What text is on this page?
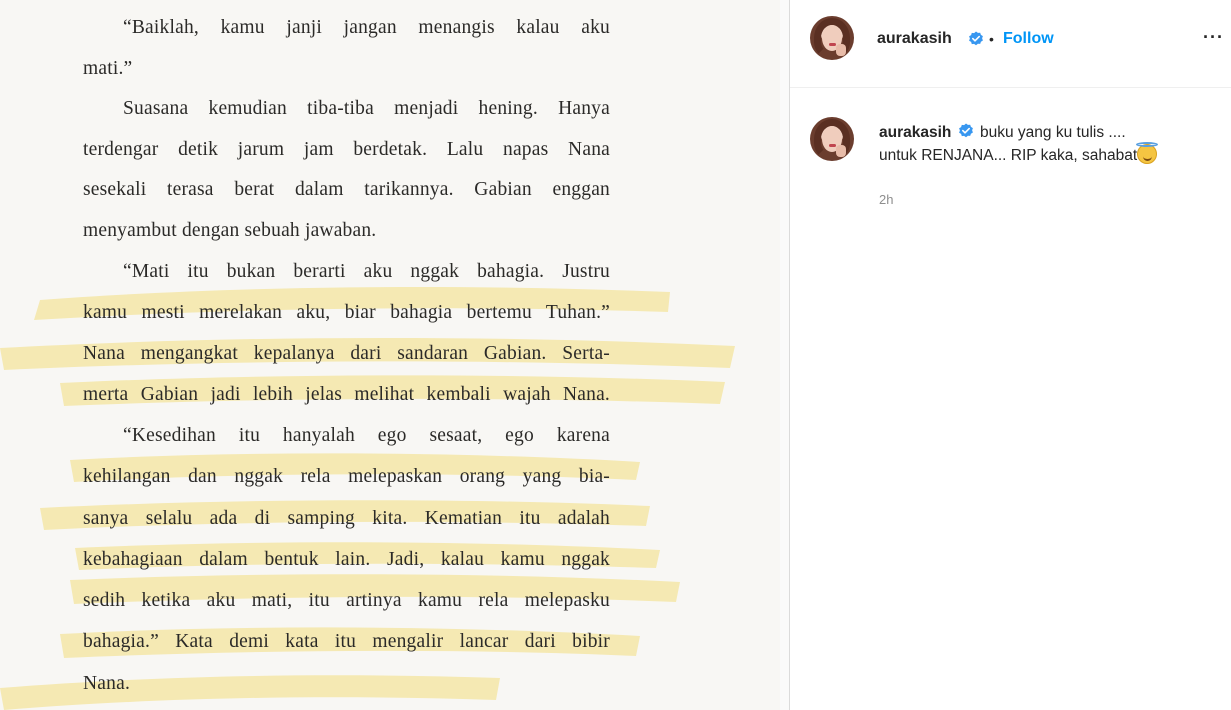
“Baiklah, kamu janji jangan menangis kalau aku
mati.”
Suasana kemudian tiba-tiba menjadi hening. Hanya
terdengar detik jarum jam berdetak. Lalu napas Nana
sesekali terasa berat dalam tarikannya. Gabian enggan
menyambut dengan sebuah jawaban.
“Mati itu bukan berarti aku nggak bahagia. Justru
kamu mesti merelakan aku, biar bahagia bertemu Tuhan.”
Nana mengangkat kepalanya dari sandaran Gabian. Serta-
merta Gabian jadi lebih jelas melihat kembali wajah Nana.
“Kesedihan itu hanyalah ego sesaat, ego karena
kehilangan dan nggak rela melepaskan orang yang bia-
sanya selalu ada di samping kita. Kematian itu adalah
kebahagiaan dalam bentuk lain. Jadi, kalau kamu nggak
sedih ketika aku mati, itu artinya kamu rela melepasku
bahagia.” Kata demi kata itu mengalir lancar dari bibir
Nana.
aurakasih	• Follow	···
aurakasih buku yang ku tulis ....
untuk RENJANA... RIP kaka, sahabat
2h
